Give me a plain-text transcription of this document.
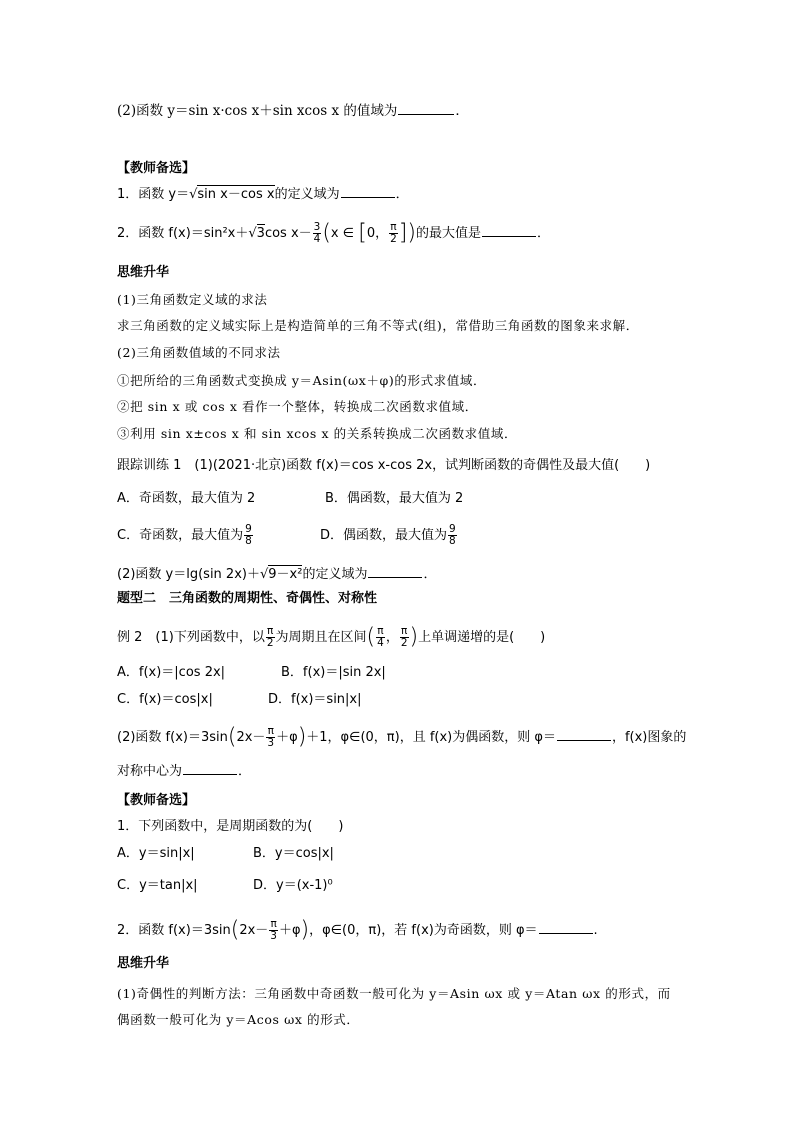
(2)函数 y＝sin x·cos x＋sin xcos x 的值域为	．
【教师备选】
1．函数 y＝√sin x－cos x的定义域为	．
2．函数 f(x)＝sin²x＋√3cos $x- \frac{3}{4} (x$ ∈ [0， $\frac{\pi}{2}$ ])的最大值是	．
思维升华
(1)三角函数定义域的求法
求三角函数的定义域实际上是构造简单的三角不等式(组)，常借助三角函数的图象来求解．
(2)三角函数值域的不同求法
①把所给的三角函数式变换成 y＝Asin(ωx＋φ)的形式求值域．
②把 sin x 或 cos x 看作一个整体，转换成二次函数求值域．
③利用 sin x±cos x 和 sin xcos x 的关系转换成二次函数求值域．
跟踪训练 1　(1)(2021·北京)函数 f(x)＝cos x-cos 2x，试判断函数的奇偶性及最大值(　　)
A．奇函数，最大值为 2	B．偶函数，最大值为 2
C．奇函数，最大值为 $\frac{9}{8}$	D．偶函数，最大值为 $\frac{9}{8}$
(2)函数 y＝lg(sin 2x)＋√9－x²的定义域为	．
题型二　三角函数的周期性、奇偶性、对称性
例 2　(1)下列函数中，以 $\frac{\pi}{2}$ 为周期且在区间( $\frac{\pi}{4}$ ， $\frac{\pi}{2}$ )上单调递增的是(　　)
A．f(x)＝|cos 2x|	B．f(x)＝|sin 2x|
C．f(x)＝cos|x|	D．f(x)＝sin|x|
(2)函数 $f(x)=3\sin(2x- \frac{\pi}{3} +\varphi)+1$，φ∈(0，π)，且 f(x)为偶函数，则 φ＝	，f(x)图象的
对称中心为	．
【教师备选】
1．下列函数中，是周期函数的为(　　)
A．y＝sin|x|	B．y＝cos|x|
C．y＝tan|x|	D．y＝(x-1)⁰
2．函数 $f(x)=3\sin(2x- \frac{\pi}{3} +\varphi)$，φ∈(0，π)，若 f(x)为奇函数，则 φ＝	.
思维升华
(1)奇偶性的判断方法：三角函数中奇函数一般可化为 y＝Asin ωx 或 y＝Atan ωx 的形式，而
偶函数一般可化为 y＝Acos ωx 的形式．
